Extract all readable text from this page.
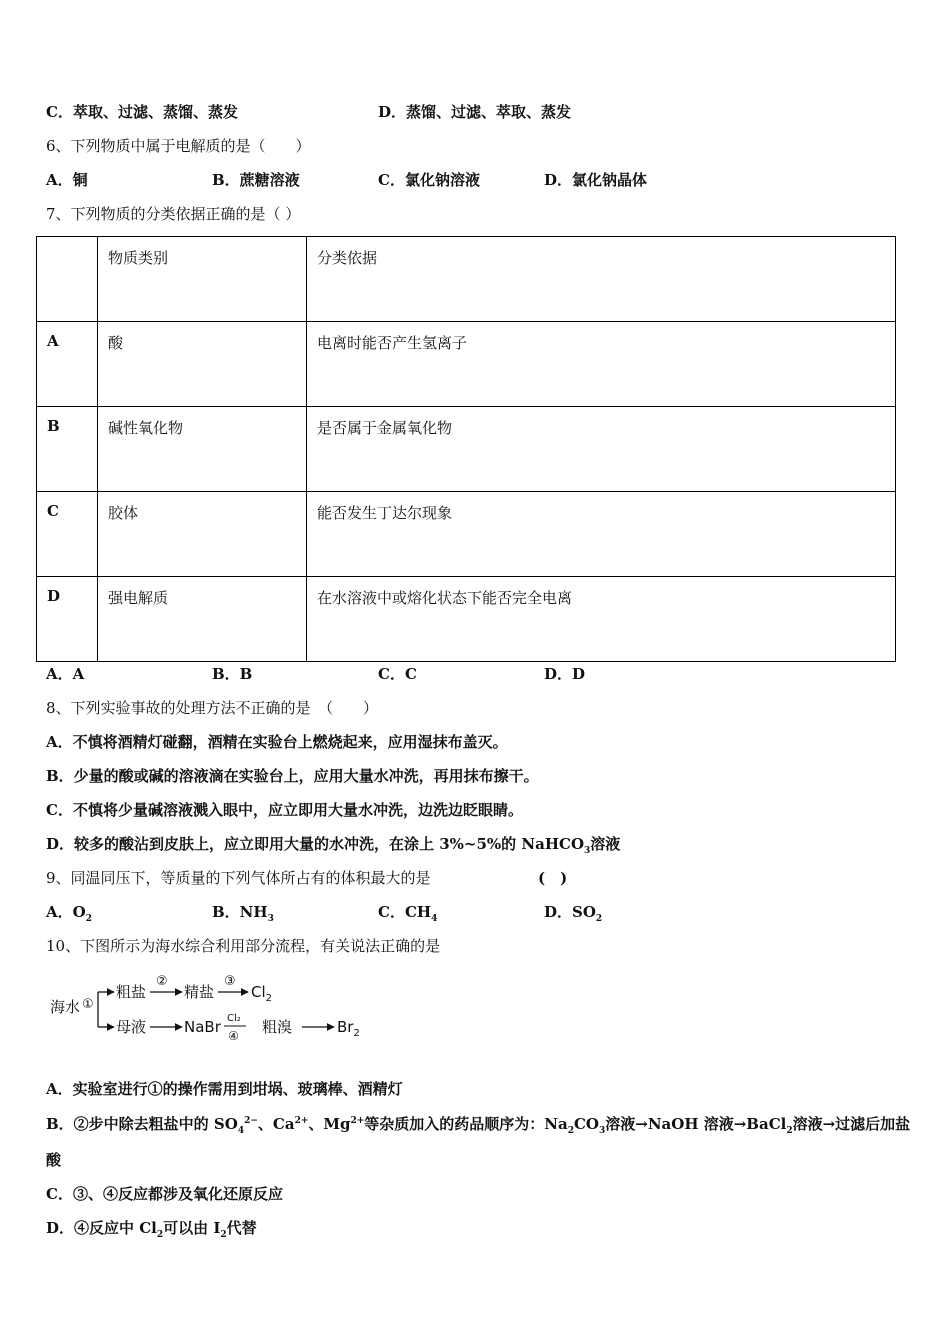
C．萃取、过滤、蒸馏、蒸发	D．蒸馏、过滤、萃取、蒸发
6、下列物质中属于电解质的是（　　）
A．铜	B．蔗糖溶液	C．氯化钠溶液	D．氯化钠晶体
7、下列物质的分类依据正确的是（ ）
	物质类别	分类依据
A	酸	电离时能否产生氢离子
B	碱性氧化物	是否属于金属氧化物
C	胶体	能否发生丁达尔现象
D	强电解质	在水溶液中或熔化状态下能否完全电离
A．A	B．B	C．C	D．D
8、下列实验事故的处理方法不正确的是　（　　）
A．不慎将酒精灯碰翻，酒精在实验台上燃烧起来，应用湿抹布盖灭。
B．少量的酸或碱的溶液滴在实验台上，应用大量水冲洗，再用抹布擦干。
C．不慎将少量碱溶液溅入眼中，应立即用大量水冲洗，边洗边眨眼睛。
D．较多的酸沾到皮肤上，应立即用大量的水冲洗，在涂上 3%~5%的 NaHCO$_3$溶液
9、同温同压下，等质量的下列气体所占有的体积最大的是	(　)
A．$O_2$	B．$NH_3$	C．$CH_4$	D．$SO_2$
10、下图所示为海水综合利用部分流程，有关说法正确的是
海水 ①
粗盐
②
精盐
③
$Cl_2$
母液	NaBr Cl₂
④ 粗溴	$Br_2$
A．实验室进行①的操作需用到坩埚、玻璃棒、酒精灯
B．②步中除去粗盐中的 $SO_4^{2-}$、$Ca^{2+}$、$Mg^{2+}$等杂质加入的药品顺序为：$Na_2CO_3$溶液→NaOH 溶液→BaCl$_2$溶液→过滤后加盐
酸
C．③、④反应都涉及氧化还原反应
D．④反应中 $Cl_2$可以由 $I_2$代替
